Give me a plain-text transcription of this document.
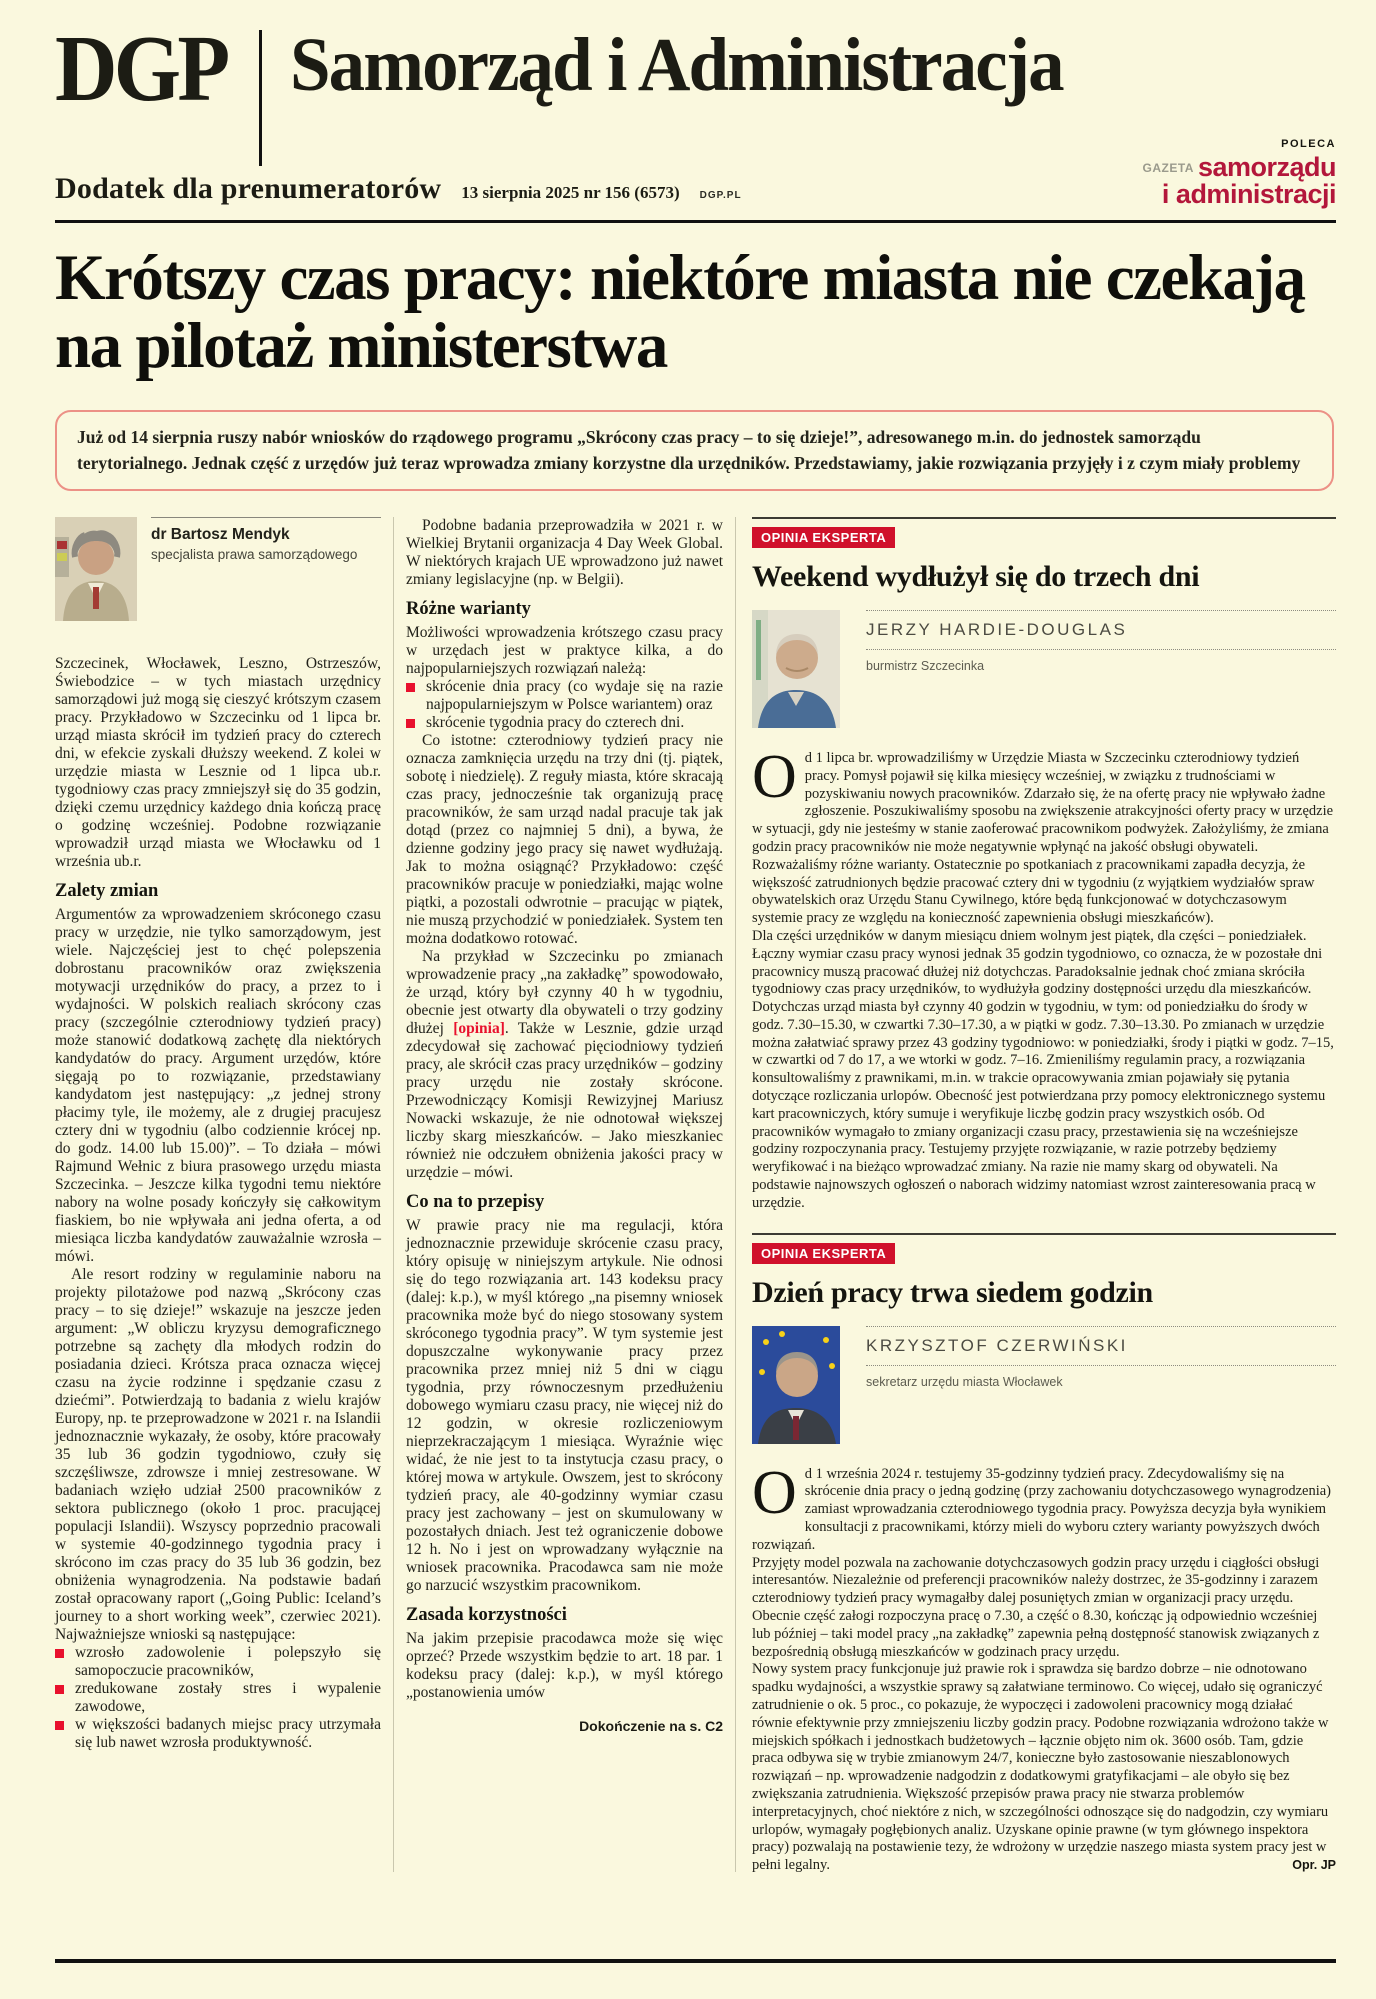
DGP Samorząd i Administracja
Dodatek dla prenumeratorów 13 sierpnia 2025 nr 156 (6573) DGP.PL
POLECA
$^{GAZETA}$ samorządu
i administracji
Krótszy czas pracy: niektóre miasta nie czekają na pilotaż ministerstwa
Już od 14 sierpnia ruszy nabór wniosków do rządowego programu „Skrócony czas pracy – to się dzieje!”, adresowanego m.in. do jednostek samorządu terytorialnego. Jednak część z urzędów już teraz wprowadza zmiany korzystne dla urzędników. Przedstawiamy, jakie rozwiązania przyjęły i z czym miały problemy
dr Bartosz Mendyk
specjalista prawa samorządowego

Szczecinek, Włocławek, Leszno, Ostrzeszów, Świebodzice – w tych miastach urzędnicy samorządowi już mogą się cieszyć krótszym czasem pracy. Przykładowo w Szczecinku od 1 lipca br. urząd miasta skrócił im tydzień pracy do czterech dni, w efekcie zyskali dłuższy weekend. Z kolei w urzędzie miasta w Lesznie od 1 lipca ub.r. tygodniowy czas pracy zmniejszył się do 35 godzin, dzięki czemu urzędnicy każdego dnia kończą pracę o godzinę wcześniej. Podobne rozwiązanie wprowadził urząd miasta we Włocławku od 1 września ub.r.

Zalety zmian

Argumentów za wprowadzeniem skróconego czasu pracy w urzędzie, nie tylko samorządowym, jest wiele. Najczęściej jest to chęć polepszenia dobrostanu pracowników oraz zwiększenia motywacji urzędników do pracy, a przez to i wydajności. W polskich realiach skrócony czas pracy (szczególnie czterodniowy tydzień pracy) może stanowić dodatkową zachętę dla niektórych kandydatów do pracy. Argument urzędów, które sięgają po to rozwiązanie, przedstawiany kandydatom jest następujący: „z jednej strony płacimy tyle, ile możemy, ale z drugiej pracujesz cztery dni w tygodniu (albo codziennie krócej np. do godz. 14.00 lub 15.00)”. – To działa – mówi Rajmund Wełnic z biura prasowego urzędu miasta Szczecinka. – Jeszcze kilka tygodni temu niektóre nabory na wolne posady kończyły się całkowitym fiaskiem, bo nie wpływała ani jedna oferta, a od miesiąca liczba kandydatów zauważalnie wzrosła – mówi.

Ale resort rodziny w regulaminie naboru na projekty pilotażowe pod nazwą „Skrócony czas pracy – to się dzieje!” wskazuje na jeszcze jeden argument: „W obliczu kryzysu demograficznego potrzebne są zachęty dla młodych rodzin do posiadania dzieci. Krótsza praca oznacza więcej czasu na życie rodzinne i spędzanie czasu z dziećmi”. Potwierdzają to badania z wielu krajów Europy, np. te przeprowadzone w 2021 r. na Islandii jednoznacznie wykazały, że osoby, które pracowały 35 lub 36 godzin tygodniowo, czuły się szczęśliwsze, zdrowsze i mniej zestresowane. W badaniach wzięło udział 2500 pracowników z sektora publicznego (około 1 proc. pracującej populacji Islandii). Wszyscy poprzednio pracowali w systemie 40-godzinnego tygodnia pracy i skrócono im czas pracy do 35 lub 36 godzin, bez obniżenia wynagrodzenia. Na podstawie badań został opracowany raport („Going Public: Iceland’s journey to a short working week”, czerwiec 2021). Najważniejsze wnioski są następujące:

wzrosło zadowolenie i polepszyło się samopoczucie pracowników,
zredukowane zostały stres i wypalenie zawodowe,
w większości badanych miejsc pracy utrzymała się lub nawet wzrosła produktywność.

Podobne badania przeprowadziła w 2021 r. w Wielkiej Brytanii organizacja 4 Day Week Global. W niektórych krajach UE wprowadzono już nawet zmiany legislacyjne (np. w Belgii).

Różne warianty

Możliwości wprowadzenia krótszego czasu pracy w urzędach jest w praktyce kilka, a do najpopularniejszych rozwiązań należą:

skrócenie dnia pracy (co wydaje się na razie najpopularniejszym w Polsce wariantem) oraz
skrócenie tygodnia pracy do czterech dni.

Co istotne: czterodniowy tydzień pracy nie oznacza zamknięcia urzędu na trzy dni (tj. piątek, sobotę i niedzielę). Z reguły miasta, które skracają czas pracy, jednocześnie tak organizują pracę pracowników, że sam urząd nadal pracuje tak jak dotąd (przez co najmniej 5 dni), a bywa, że dzienne godziny jego pracy się nawet wydłużają. Jak to można osiągnąć? Przykładowo: część pracowników pracuje w poniedziałki, mając wolne piątki, a pozostali odwrotnie – pracując w piątek, nie muszą przychodzić w poniedziałek. System ten można dodatkowo rotować.

Na przykład w Szczecinku po zmianach wprowadzenie pracy „na zakładkę” spowodowało, że urząd, który był czynny 40 h w tygodniu, obecnie jest otwarty dla obywateli o trzy godziny dłużej [opinia]. Także w Lesznie, gdzie urząd zdecydował się zachować pięciodniowy tydzień pracy, ale skrócił czas pracy urzędników – godziny pracy urzędu nie zostały skrócone. Przewodniczący Komisji Rewizyjnej Mariusz Nowacki wskazuje, że nie odnotował większej liczby skarg mieszkańców. – Jako mieszkaniec również nie odczułem obniżenia jakości pracy w urzędzie – mówi.

Co na to przepisy

W prawie pracy nie ma regulacji, która jednoznacznie przewiduje skrócenie czasu pracy, który opisuję w niniejszym artykule. Nie odnosi się do tego rozwiązania art. 143 kodeksu pracy (dalej: k.p.), w myśl którego „na pisemny wniosek pracownika może być do niego stosowany system skróconego tygodnia pracy”. W tym systemie jest dopuszczalne wykonywanie pracy przez pracownika przez mniej niż 5 dni w ciągu tygodnia, przy równoczesnym przedłużeniu dobowego wymiaru czasu pracy, nie więcej niż do 12 godzin, w okresie rozliczeniowym nieprzekraczającym 1 miesiąca. Wyraźnie więc widać, że nie jest to ta instytucja czasu pracy, o której mowa w artykule. Owszem, jest to skrócony tydzień pracy, ale 40-godzinny wymiar czasu pracy jest zachowany – jest on skumulowany w pozostałych dniach. Jest też ograniczenie dobowe 12 h. No i jest on wprowadzany wyłącznie na wniosek pracownika. Pracodawca sam nie może go narzucić wszystkim pracownikom.

Zasada korzystności

Na jakim przepisie pracodawca może się więc oprzeć? Przede wszystkim będzie to art. 18 par. 1 kodeksu pracy (dalej: k.p.), w myśl którego „postanowienia umów

Dokończenie na s. C2
OPINIA EKSPERTA
Weekend wydłużył się do trzech dni
JERZY HARDIE-DOUGLAS
burmistrz Szczecinka

Od 1 lipca br. wprowadziliśmy w Urzędzie Miasta w Szczecinku czterodniowy tydzień pracy. Pomysł pojawił się kilka miesięcy wcześniej, w związku z trudnościami w pozyskiwaniu nowych pracowników. Zdarzało się, że na ofertę pracy nie wpływało żadne zgłoszenie. Poszukiwaliśmy sposobu na zwiększenie atrakcyjności oferty pracy w urzędzie w sytuacji, gdy nie jesteśmy w stanie zaoferować pracownikom podwyżek. Założyliśmy, że zmiana godzin pracy pracowników nie może negatywnie wpłynąć na jakość obsługi obywateli.

Rozważaliśmy różne warianty. Ostatecznie po spotkaniach z pracownikami zapadła decyzja, że większość zatrudnionych będzie pracować cztery dni w tygodniu (z wyjątkiem wydziałów spraw obywatelskich oraz Urzędu Stanu Cywilnego, które będą funkcjonować w dotychczasowym systemie pracy ze względu na konieczność zapewnienia obsługi mieszkańców).

Dla części urzędników w danym miesiącu dniem wolnym jest piątek, dla części – poniedziałek. Łączny wymiar czasu pracy wynosi jednak 35 godzin tygodniowo, co oznacza, że w pozostałe dni pracownicy muszą pracować dłużej niż dotychczas. Paradoksalnie jednak choć zmiana skróciła tygodniowy czas pracy urzędników, to wydłużyła godziny dostępności urzędu dla mieszkańców. Dotychczas urząd miasta był czynny 40 godzin w tygodniu, w tym: od poniedziałku do środy w godz. 7.30–15.30, w czwartki 7.30–17.30, a w piątki w godz. 7.30–13.30. Po zmianach w urzędzie można załatwiać sprawy przez 43 godziny tygodniowo: w poniedziałki, środy i piątki w godz. 7–15, w czwartki od 7 do 17, a we wtorki w godz. 7–16. Zmieniliśmy regulamin pracy, a rozwiązania konsultowaliśmy z prawnikami, m.in. w trakcie opracowywania zmian pojawiały się pytania dotyczące rozliczania urlopów. Obecność jest potwierdzana przy pomocy elektronicznego systemu kart pracowniczych, który sumuje i weryfikuje liczbę godzin pracy wszystkich osób. Od pracowników wymagało to zmiany organizacji czasu pracy, przestawienia się na wcześniejsze godziny rozpoczynania pracy. Testujemy przyjęte rozwiązanie, w razie potrzeby będziemy weryfikować i na bieżąco wprowadzać zmiany. Na razie nie mamy skarg od obywateli. Na podstawie najnowszych ogłoszeń o naborach widzimy natomiast wzrost zainteresowania pracą w urzędzie.

OPINIA EKSPERTA
Dzień pracy trwa siedem godzin
KRZYSZTOF CZERWIŃSKI
sekretarz urzędu miasta Włocławek

Od 1 września 2024 r. testujemy 35-godzinny tydzień pracy. Zdecydowaliśmy się na skrócenie dnia pracy o jedną godzinę (przy zachowaniu dotychczasowego wynagrodzenia) zamiast wprowadzania czterodniowego tygodnia pracy. Powyższa decyzja była wynikiem konsultacji z pracownikami, którzy mieli do wyboru cztery warianty powyższych dwóch rozwiązań.

Przyjęty model pozwala na zachowanie dotychczasowych godzin pracy urzędu i ciągłości obsługi interesantów. Niezależnie od preferencji pracowników należy dostrzec, że 35-godzinny i zarazem czterodniowy tydzień pracy wymagałby dalej posuniętych zmian w organizacji pracy urzędu. Obecnie część załogi rozpoczyna pracę o 7.30, a część o 8.30, kończąc ją odpowiednio wcześniej lub później – taki model pracy „na zakładkę” zapewnia pełną dostępność stanowisk związanych z bezpośrednią obsługą mieszkańców w godzinach pracy urzędu.

Nowy system pracy funkcjonuje już prawie rok i sprawdza się bardzo dobrze – nie odnotowano spadku wydajności, a wszystkie sprawy są załatwiane terminowo. Co więcej, udało się ograniczyć zatrudnienie o ok. 5 proc., co pokazuje, że wypoczęci i zadowoleni pracownicy mogą działać równie efektywnie przy zmniejszeniu liczby godzin pracy. Podobne rozwiązania wdrożono także w miejskich spółkach i jednostkach budżetowych – łącznie objęto nim ok. 3600 osób. Tam, gdzie praca odbywa się w trybie zmianowym 24/7, konieczne było zastosowanie nieszablonowych rozwiązań – np. wprowadzenie nadgodzin z dodatkowymi gratyfikacjami – ale obyło się bez zwiększania zatrudnienia. Większość przepisów prawa pracy nie stwarza problemów interpretacyjnych, choć niektóre z nich, w szczególności odnoszące się do nadgodzin, czy wymiaru urlopów, wymagały pogłębionych analiz. Uzyskane opinie prawne (w tym głównego inspektora pracy) pozwalają na postawienie tezy, że wdrożony w urzędzie naszego miasta system pracy jest w pełni legalny.	Opr. JP
